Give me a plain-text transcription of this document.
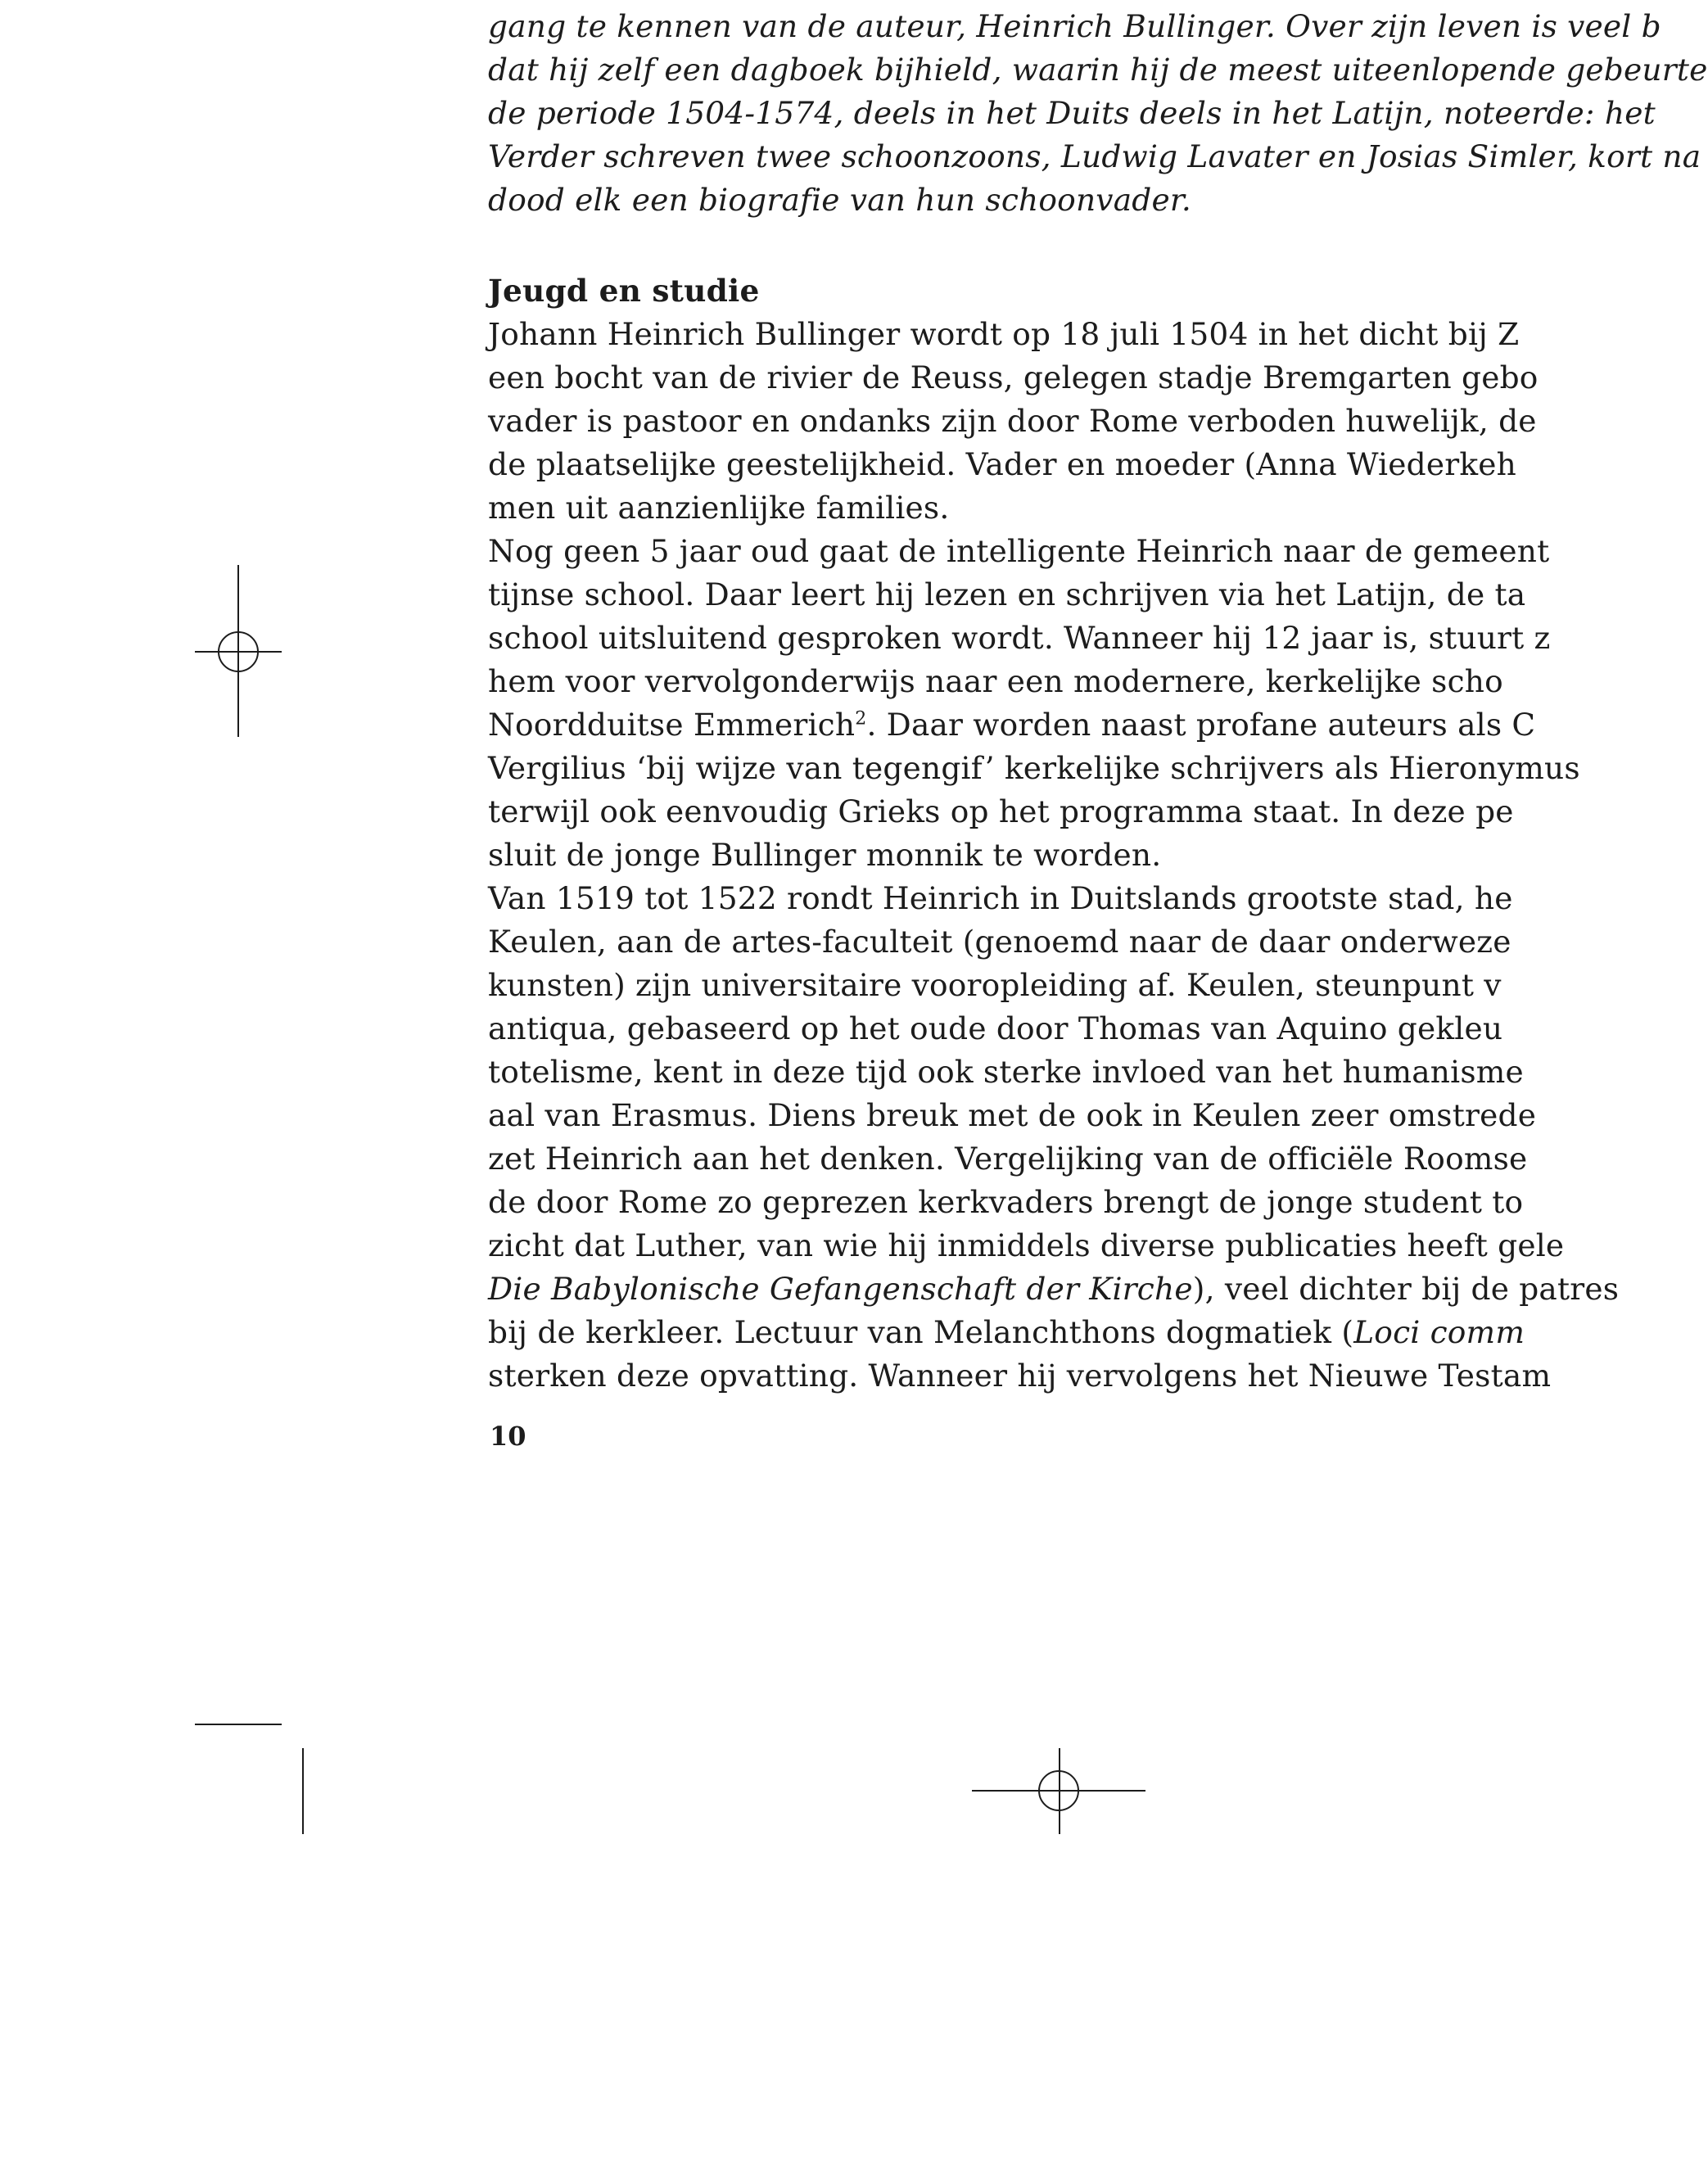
gang te kennen van de auteur, Heinrich Bullinger. Over zijn leven is veel b
dat hij zelf een dagboek bijhield, waarin hij de meest uiteenlopende gebeurte
de periode 1504-1574, deels in het Duits deels in het Latijn, noteerde: het
Verder schreven twee schoonzoons, Ludwig Lavater en Josias Simler, kort na
dood elk een biografie van hun schoonvader.
Jeugd en studie
Johann Heinrich Bullinger wordt op 18 juli 1504 in het dicht bij Z
een bocht van de rivier de Reuss, gelegen stadje Bremgarten gebo
vader is pastoor en ondanks zijn door Rome verboden huwelijk, de
de plaatselijke geestelijkheid. Vader en moeder (Anna Wiederkeh
men uit aanzienlijke families.
Nog geen 5 jaar oud gaat de intelligente Heinrich naar de gemeent
tijnse school. Daar leert hij lezen en schrijven via het Latijn, de ta
school uitsluitend gesproken wordt. Wanneer hij 12 jaar is, stuurt z
hem voor vervolgonderwijs naar een modernere, kerkelijke scho
Noordduitse Emmerich$^2$. Daar worden naast profane auteurs als C
Vergilius ‘bij wijze van tegengif’ kerkelijke schrijvers als Hieronymus
terwijl ook eenvoudig Grieks op het programma staat. In deze pe
sluit de jonge Bullinger monnik te worden.
Van 1519 tot 1522 rondt Heinrich in Duitslands grootste stad, he
Keulen, aan de artes-faculteit (genoemd naar de daar onderweze
kunsten) zijn universitaire vooropleiding af. Keulen, steunpunt v
antiqua, gebaseerd op het oude door Thomas van Aquino gekleu
totelisme, kent in deze tijd ook sterke invloed van het humanisme
aal van Erasmus. Diens breuk met de ook in Keulen zeer omstrede
zet Heinrich aan het denken. Vergelijking van de officiële Roomse
de door Rome zo geprezen kerkvaders brengt de jonge student to
zicht dat Luther, van wie hij inmiddels diverse publicaties heeft gele
Die Babylonische Gefangenschaft der Kirche), veel dichter bij de patres
bij de kerkleer. Lectuur van Melanchthons dogmatiek (Loci comm
sterken deze opvatting. Wanneer hij vervolgens het Nieuwe Testam
10
